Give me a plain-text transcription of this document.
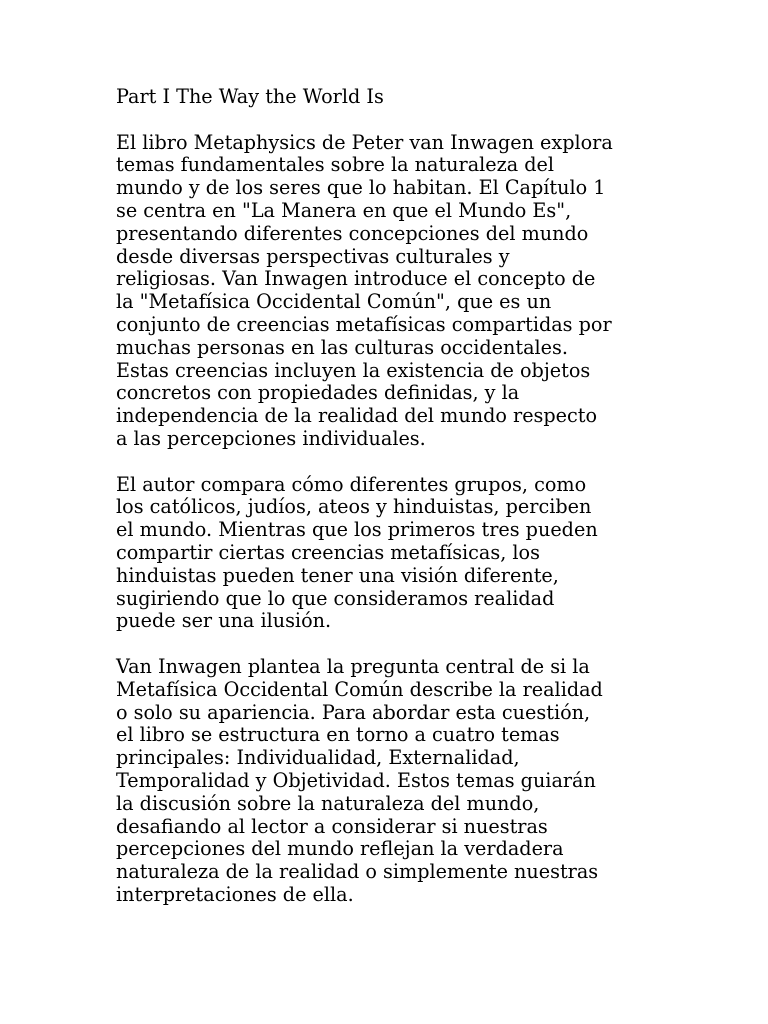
Part I The Way the World Is

El libro Metaphysics de Peter van Inwagen explora
temas fundamentales sobre la naturaleza del
mundo y de los seres que lo habitan. El Capítulo 1
se centra en "La Manera en que el Mundo Es",
presentando diferentes concepciones del mundo
desde diversas perspectivas culturales y
religiosas. Van Inwagen introduce el concepto de
la "Metafísica Occidental Común", que es un
conjunto de creencias metafísicas compartidas por
muchas personas en las culturas occidentales.
Estas creencias incluyen la existencia de objetos
concretos con propiedades definidas, y la
independencia de la realidad del mundo respecto
a las percepciones individuales.

El autor compara cómo diferentes grupos, como
los católicos, judíos, ateos y hinduistas, perciben
el mundo. Mientras que los primeros tres pueden
compartir ciertas creencias metafísicas, los
hinduistas pueden tener una visión diferente,
sugiriendo que lo que consideramos realidad
puede ser una ilusión.

Van Inwagen plantea la pregunta central de si la
Metafísica Occidental Común describe la realidad
o solo su apariencia. Para abordar esta cuestión,
el libro se estructura en torno a cuatro temas
principales: Individualidad, Externalidad,
Temporalidad y Objetividad. Estos temas guiarán
la discusión sobre la naturaleza del mundo,
desafiando al lector a considerar si nuestras
percepciones del mundo reflejan la verdadera
naturaleza de la realidad o simplemente nuestras
interpretaciones de ella.
